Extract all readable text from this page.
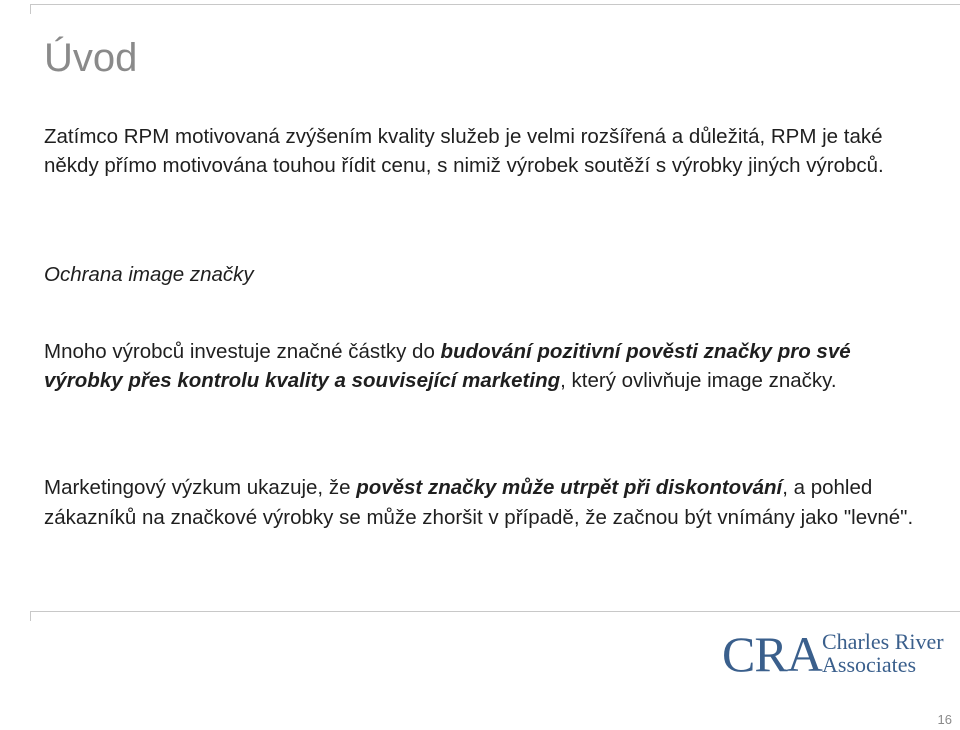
Úvod

Zatímco RPM motivovaná zvýšením kvality služeb je velmi rozšířená a důležitá, RPM je také někdy přímo motivována touhou řídit cenu, s nimiž výrobek soutěží s výrobky jiných výrobců.

Ochrana image značky

Mnoho výrobců investuje značné částky do budování pozitivní pověsti značky pro své výrobky přes kontrolu kvality a související marketing, který ovlivňuje image značky.

Marketingový výzkum ukazuje, že pověst značky může utrpět při diskontování, a pohled zákazníků na značkové výrobky se může zhoršit v případě, že začnou být vnímány jako "levné".

CRA Charles River
Associates
16
